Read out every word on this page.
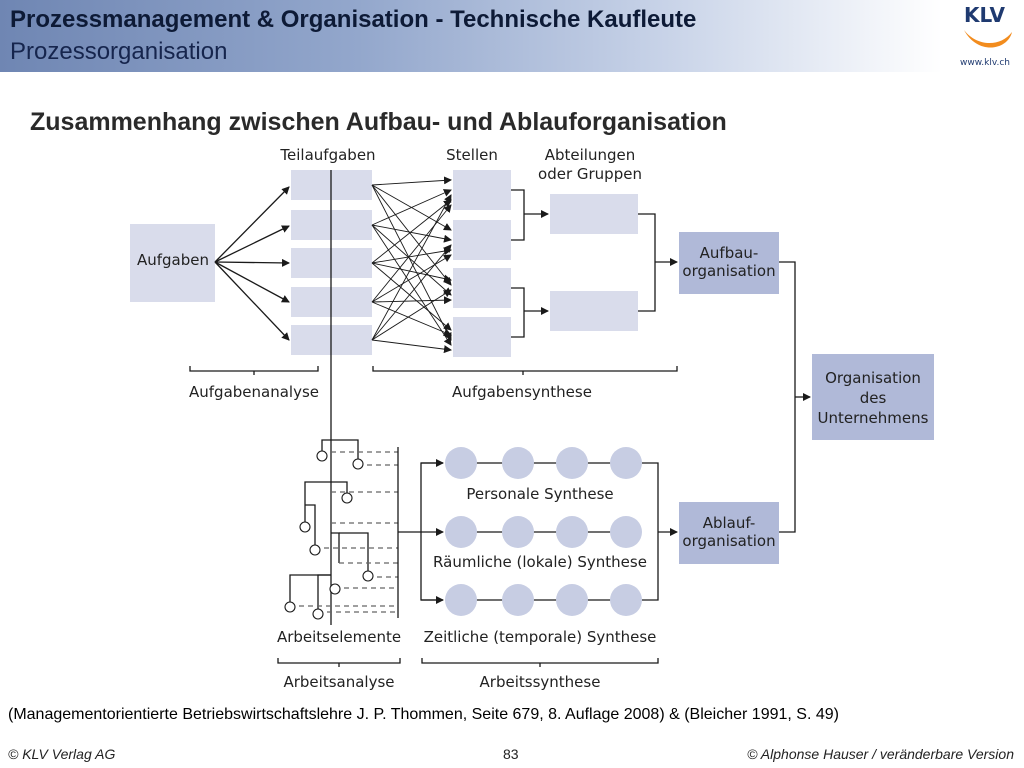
Prozessmanagement & Organisation - Technische Kaufleute
Prozessorganisation
KLV
www.klv.ch
Zusammenhang zwischen Aufbau- und Ablauforganisation
Teilaufgaben	Stellen	Abteilungen
oder Gruppen
Aufgaben	Aufbau-
organisation
Organisation
des
Unternehmens
Ablauf-
organisation
Personale Synthese
Räumliche (lokale) Synthese
Zeitliche (temporale) Synthese
Aufgabenanalyse	Aufgabensynthese
Arbeitselemente
Arbeitsanalyse	Arbeitssynthese
(Managementorientierte Betriebswirtschaftslehre J. P. Thommen, Seite 679, 8. Auflage 2008) & (Bleicher 1991, S. 49)
© KLV Verlag AG	83	© Alphonse Hauser / veränderbare Version
